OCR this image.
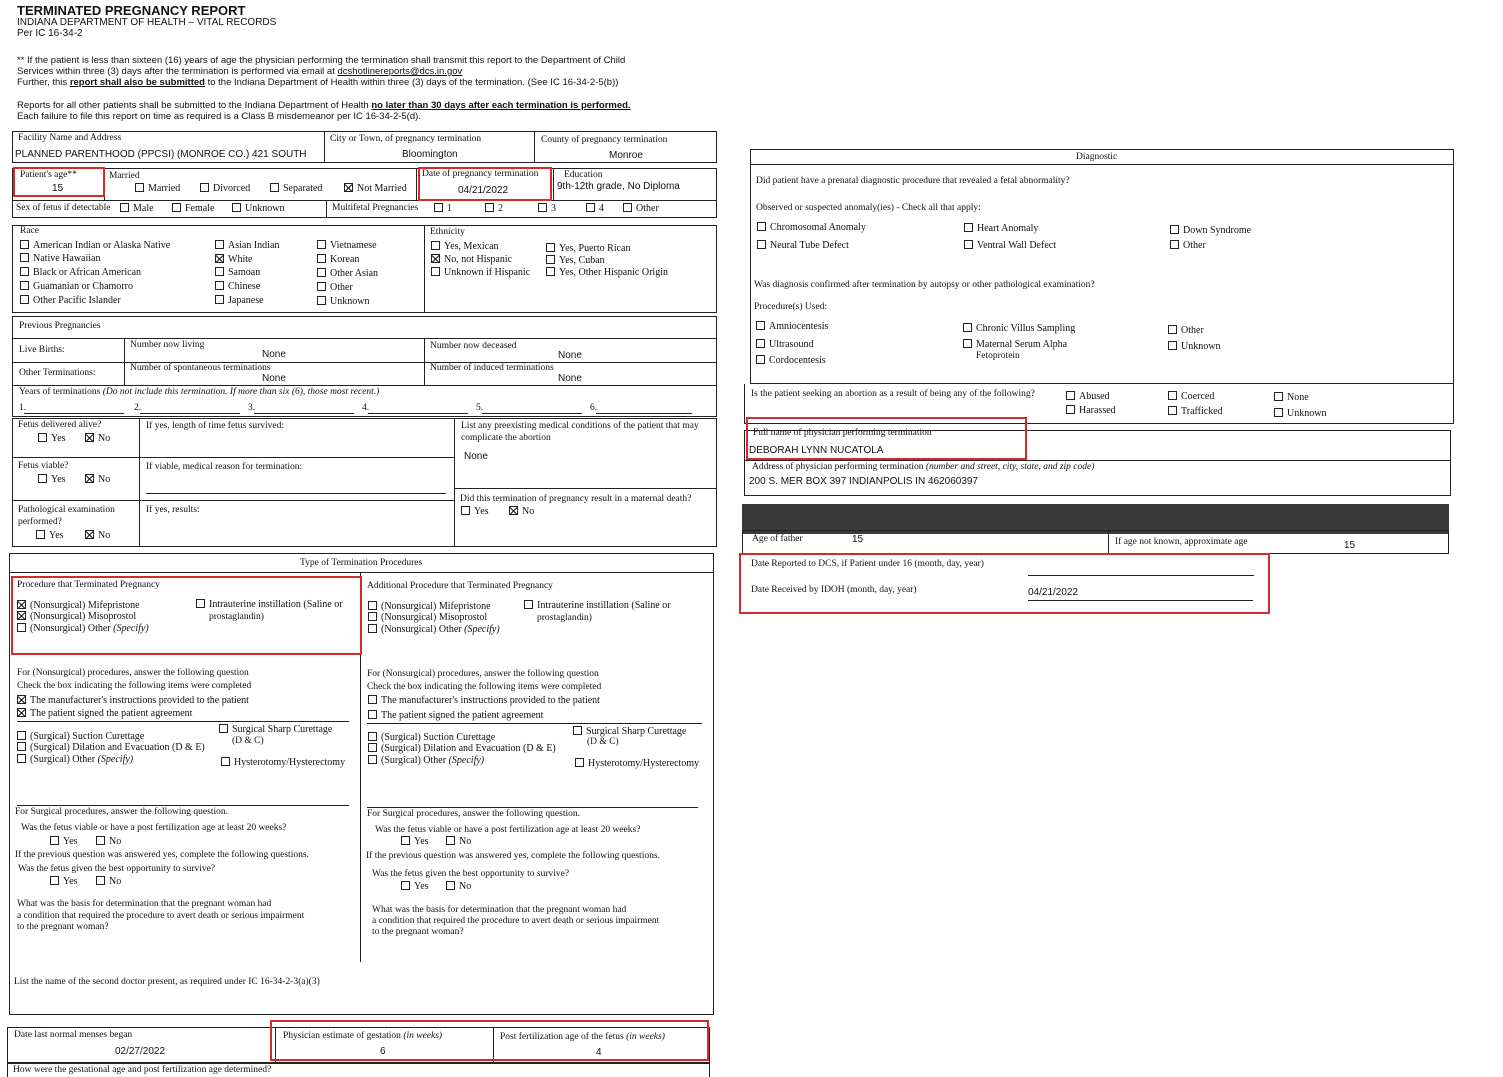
TERMINATED PREGNANCY REPORT
INDIANA DEPARTMENT OF HEALTH – VITAL RECORDS
Per IC 16-34-2
** If the patient is less than sixteen (16) years of age the physician performing the termination shall transmit this report to the Department of Child
Services within three (3) days after the termination is performed via email at dcshotlinereports@dcs.in.gov
Further, this report shall also be submitted to the Indiana Department of Health within three (3) days of the termination. (See IC 16-34-2-5(b))
Reports for all other patients shall be submitted to the Indiana Department of Health no later than 30 days after each termination is performed.
Each failure to file this report on time as required is a Class B misdemeanor per IC 16-34-2-5(d).
Facility Name and Address
PLANNED PARENTHOOD (PPCSI) (MONROE CO.) 421 SOUTH
City or Town, of pregnancy termination
Bloomington
County of pregnancy termination
Monroe
Patient's age**
15
Married
Married	Divorced	Separated	Not Married
Date of pregnancy termination
04/21/2022
Education
9th-12th grade, No Diploma
Sex of fetus if detectable	Male	Female	Unknown	Multifetal Pregnancies	1	2	3	4	Other
Race
American Indian or Alaska Native
Native Hawaiian
Black or African American
Guamanian or Chamorro
Other Pacific Islander
Asian Indian
White
Samoan
Chinese
Japanese
Vietnamese
Korean
Other Asian
Other
Unknown
Ethnicity
Yes, Mexican
No, not Hispanic
Unknown if Hispanic
Yes, Puerto Rican
Yes, Cuban
Yes, Other Hispanic Origin
Previous Pregnancies
Live Births:	Number now living
None
Number now deceased
None
Other Terminations:	Number of spontaneous terminations
None
Number of induced terminations
None
Years of terminations (Do not include this termination. If more than six (6), those most recent.)
1.	2.	3.	4.	5.	6.
Fetus delivered alive?
Yes	No
If yes, length of time fetus survived:
Fetus viable?
Yes	No
If viable, medical reason for termination:
Pathological examination
performed?
Yes	No
If yes, results:
List any preexisting medical conditions of the patient that may
complicate the abortion
None
Did this termination of pregnancy result in a maternal death?
Yes	No
Type of Termination Procedures
Procedure that Terminated Pregnancy
(Nonsurgical) Mifepristone
(Nonsurgical) Misoprostol
(Nonsurgical) Other (Specify)
Intrauterine instillation (Saline or
prostaglandin)
For (Nonsurgical) procedures, answer the following question
Check the box indicating the following items were completed
The manufacturer's instructions provided to the patient
The patient signed the patient agreement
(Surgical) Suction Curettage
(Surgical) Dilation and Evacuation (D & E)
(Surgical) Other (Specify)
Surgical Sharp Curettage
(D & C)
Hysterotomy/Hysterectomy
For Surgical procedures, answer the following question.
Was the fetus viable or have a post fertilization age at least 20 weeks?
Yes	No
If the previous question was answered yes, complete the following questions.
Was the fetus given the best opportunity to survive?
Yes	No
What was the basis for determination that the pregnant woman had
a condition that required the procedure to avert death or serious impairment
to the pregnant woman?
Additional Procedure that Terminated Pregnancy
(Nonsurgical) Mifepristone
(Nonsurgical) Misoprostol
(Nonsurgical) Other (Specify)
Intrauterine instillation (Saline or
prostaglandin)
For (Nonsurgical) procedures, answer the following question
Check the box indicating the following items were completed
The manufacturer's instructions provided to the patient
The patient signed the patient agreement
(Surgical) Suction Curettage
(Surgical) Dilation and Evacuation (D & E)
(Surgical) Other (Specify)
Surgical Sharp Curettage
(D & C)
Hysterotomy/Hysterectomy
For Surgical procedures, answer the following question.
Was the fetus viable or have a post fertilization age at least 20 weeks?
Yes	No
If the previous question was answered yes, complete the following questions.
Was the fetus given the best opportunity to survive?
Yes	No
What was the basis for determination that the pregnant woman had
a condition that required the procedure to avert death or serious impairment
to the pregnant woman?
List the name of the second doctor present, as required under IC 16-34-2-3(a)(3)
Date last normal menses began
02/27/2022
Physician estimate of gestation (in weeks)
6
Post fertilization age of the fetus (in weeks)
4
How were the gestational age and post fertilization age determined?
Diagnostic
Did patient have a prenatal diagnostic procedure that revealed a fetal abnormality?
Observed or suspected anomaly(ies) - Check all that apply:
Chromosomal Anomaly
Neural Tube Defect
Heart Anomaly
Ventral Wall Defect
Down Syndrome
Other
Was diagnosis confirmed after termination by autopsy or other pathological examination?
Procedure(s) Used:
Amniocentesis
Ultrasound
Cordocentesis
Chronic Villus Sampling
Maternal Serum Alpha
Fetoprotein
Other
Unknown
Is the patient seeking an abortion as a result of being any of the following?	Abused
Harassed
Coerced
Trafficked
None
Unknown
Full name of physician performing termination
DEBORAH LYNN NUCATOLA
Address of physician performing termination (number and street, city, state, and zip code)
200 S. MER BOX 397 INDIANPOLIS IN 462060397
Age of father	15	If age not known, approximate age	15
Date Reported to DCS, if Patient under 16 (month, day, year)
Date Received by IDOH (month, day, year)	04/21/2022
